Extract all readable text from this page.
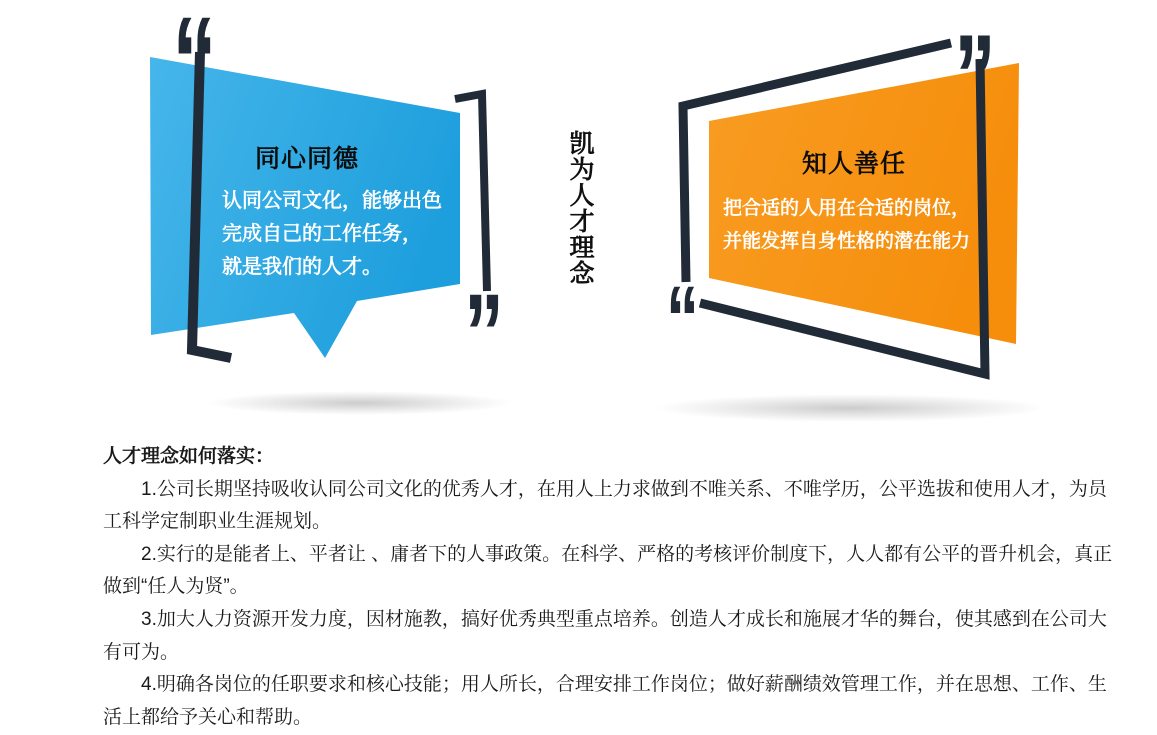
“
”
”
“
同心同德
认同公司文化，能够出色
完成自己的工作任务，
就是我们的人才。	凯为人才理念	知人善任
把合适的人用在合适的岗位，
并能发挥自身性格的潜在能力
人才理念如何落实：

1.公司长期坚持吸收认同公司文化的优秀人才，在用人上力求做到不唯关系、不唯学历，公平选拔和使用人才，为员工科学定制职业生涯规划。

2.实行的是能者上、平者让 、庸者下的人事政策。在科学、严格的考核评价制度下，人人都有公平的晋升机会，真正做到“任人为贤”。

3.加大人力资源开发力度，因材施教，搞好优秀典型重点培养。创造人才成长和施展才华的舞台，使其感到在公司大有可为。

4.明确各岗位的任职要求和核心技能；用人所长，合理安排工作岗位；做好薪酬绩效管理工作，并在思想、工作、生活上都给予关心和帮助。
